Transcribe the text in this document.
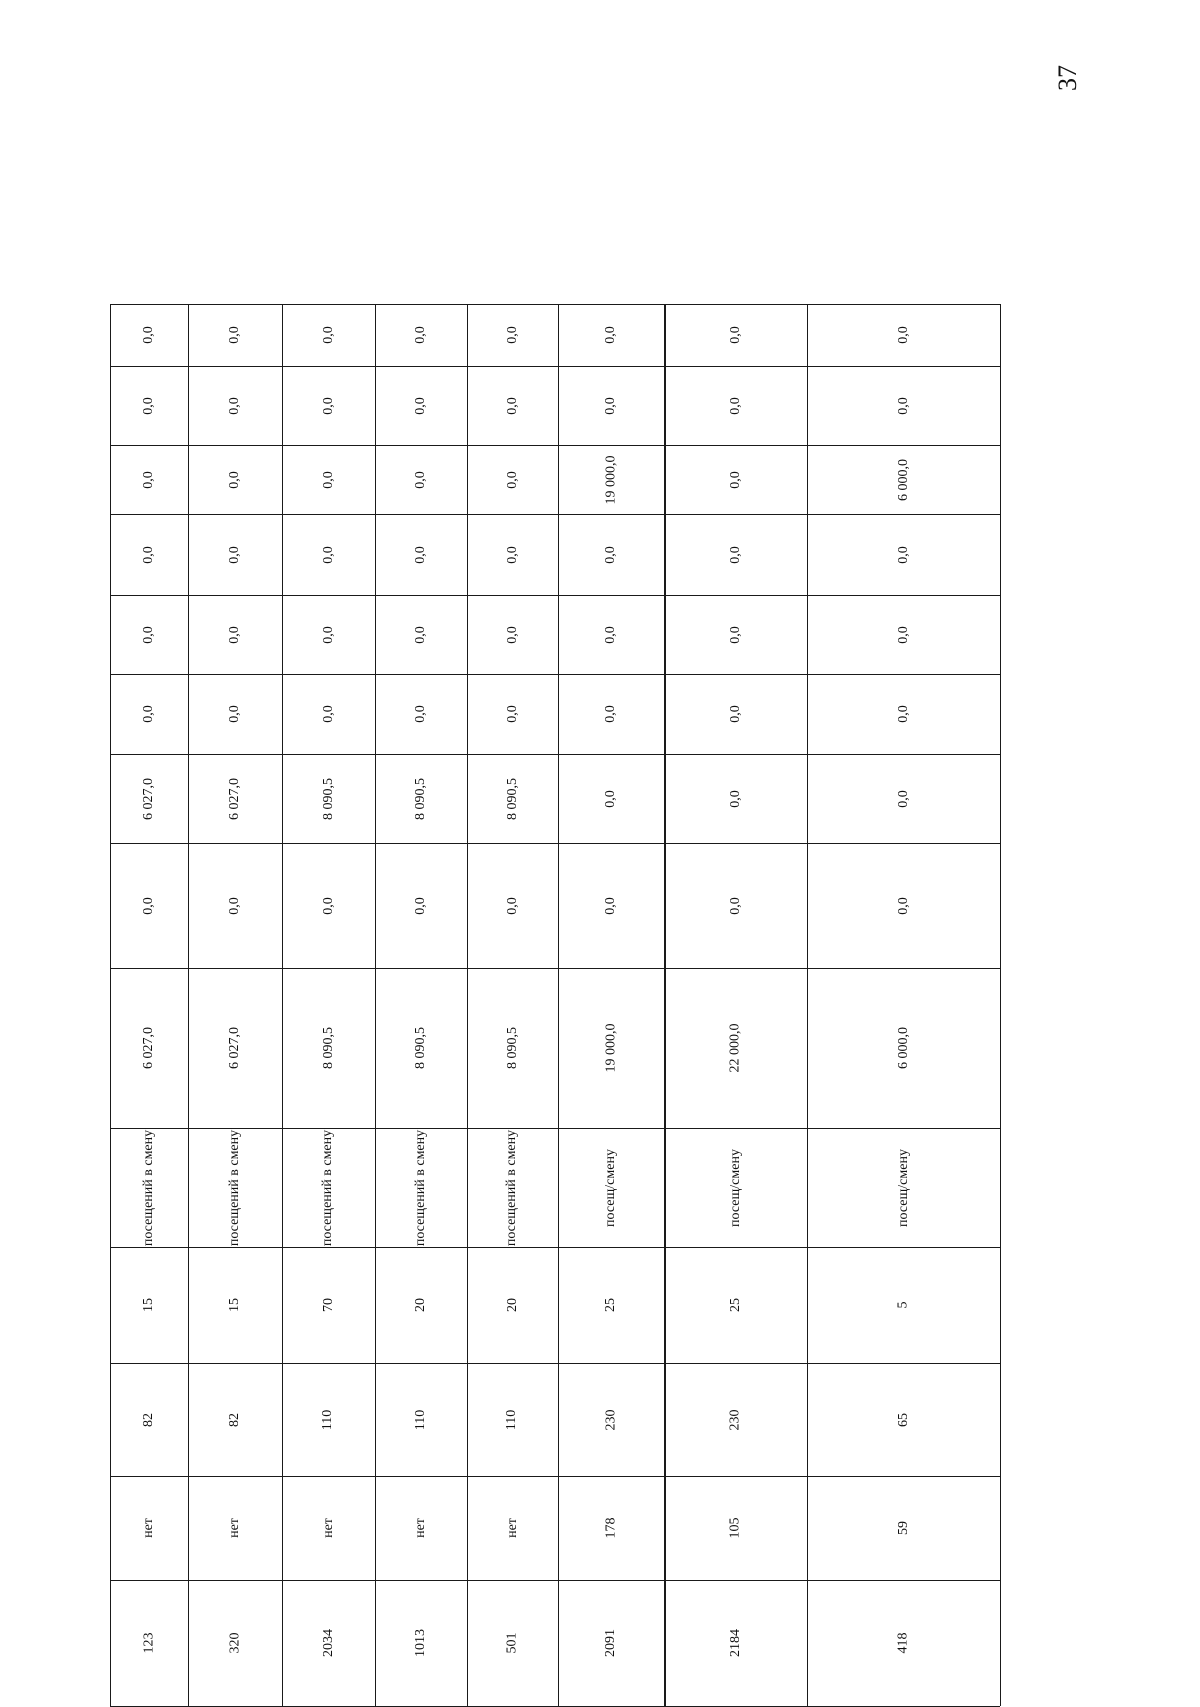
37
0,0
0,0
0,0
0,0
0,0
0,0
6 027,0
0,0
6 027,0
посещений в смену
15
82
нет
123
0,0
0,0
0,0
0,0
0,0
0,0
6 027,0
0,0
6 027,0
посещений в смену
15
82
нет
320
0,0
0,0
0,0
0,0
0,0
0,0
8 090,5
0,0
8 090,5
посещений в смену
70
110
нет
2034
0,0
0,0
0,0
0,0
0,0
0,0
8 090,5
0,0
8 090,5
посещений в смену
20
110
нет
1013
0,0
0,0
0,0
0,0
0,0
0,0
8 090,5
0,0
8 090,5
посещений в смену
20
110
нет
501
0,0
0,0
19 000,0
0,0
0,0
0,0
0,0
0,0
19 000,0
посещ/смену
25
230
178
2091
0,0
0,0
0,0
0,0
0,0
0,0
0,0
0,0
22 000,0
посещ/смену
25
230
105
2184
0,0
0,0
6 000,0
0,0
0,0
0,0
0,0
0,0
6 000,0
посещ/смену
5
65
59
418
